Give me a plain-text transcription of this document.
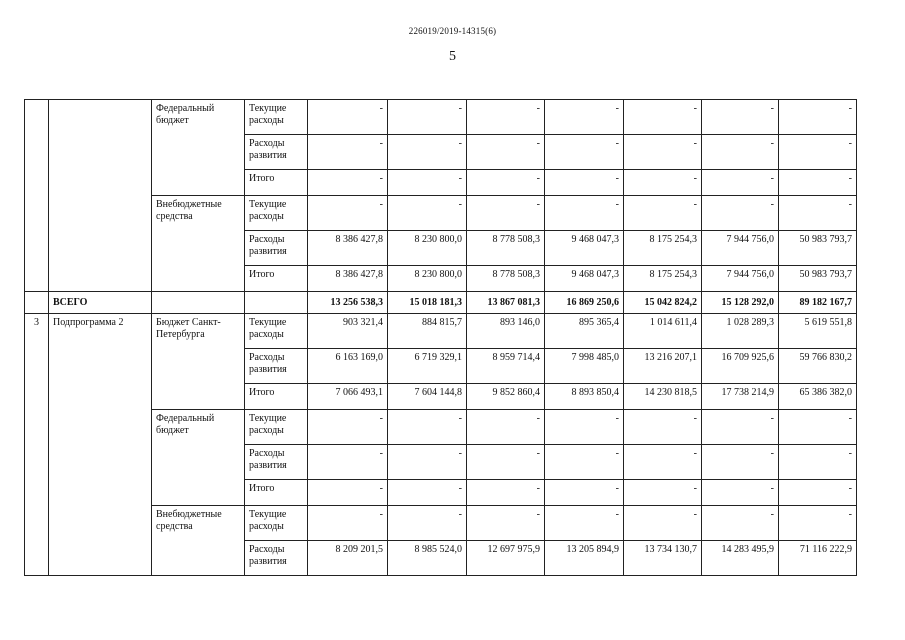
226019/2019-14315(6)
5
		Федеральный бюджет	Текущие расходы	-	-	-	-	-	-	-
			Расходы развития	-	-	-	-	-	-	-
			Итого	-	-	-	-	-	-	-
		Внебюджетные средства	Текущие расходы	-	-	-	-	-	-	-
			Расходы развития	8 386 427,8	8 230 800,0	8 778 508,3	9 468 047,3	8 175 254,3	7 944 756,0	50 983 793,7
			Итого	8 386 427,8	8 230 800,0	8 778 508,3	9 468 047,3	8 175 254,3	7 944 756,0	50 983 793,7
	ВСЕГО			13 256 538,3	15 018 181,3	13 867 081,3	16 869 250,6	15 042 824,2	15 128 292,0	89 182 167,7
3	Подпрограмма 2	Бюджет Санкт-Петербурга	Текущие расходы	903 321,4	884 815,7	893 146,0	895 365,4	1 014 611,4	1 028 289,3	5 619 551,8
			Расходы развития	6 163 169,0	6 719 329,1	8 959 714,4	7 998 485,0	13 216 207,1	16 709 925,6	59 766 830,2
			Итого	7 066 493,1	7 604 144,8	9 852 860,4	8 893 850,4	14 230 818,5	17 738 214,9	65 386 382,0
		Федеральный бюджет	Текущие расходы	-	-	-	-	-	-	-
			Расходы развития	-	-	-	-	-	-	-
			Итого	-	-	-	-	-	-	-
		Внебюджетные средства	Текущие расходы	-	-	-	-	-	-	-
			Расходы развития	8 209 201,5	8 985 524,0	12 697 975,9	13 205 894,9	13 734 130,7	14 283 495,9	71 116 222,9
